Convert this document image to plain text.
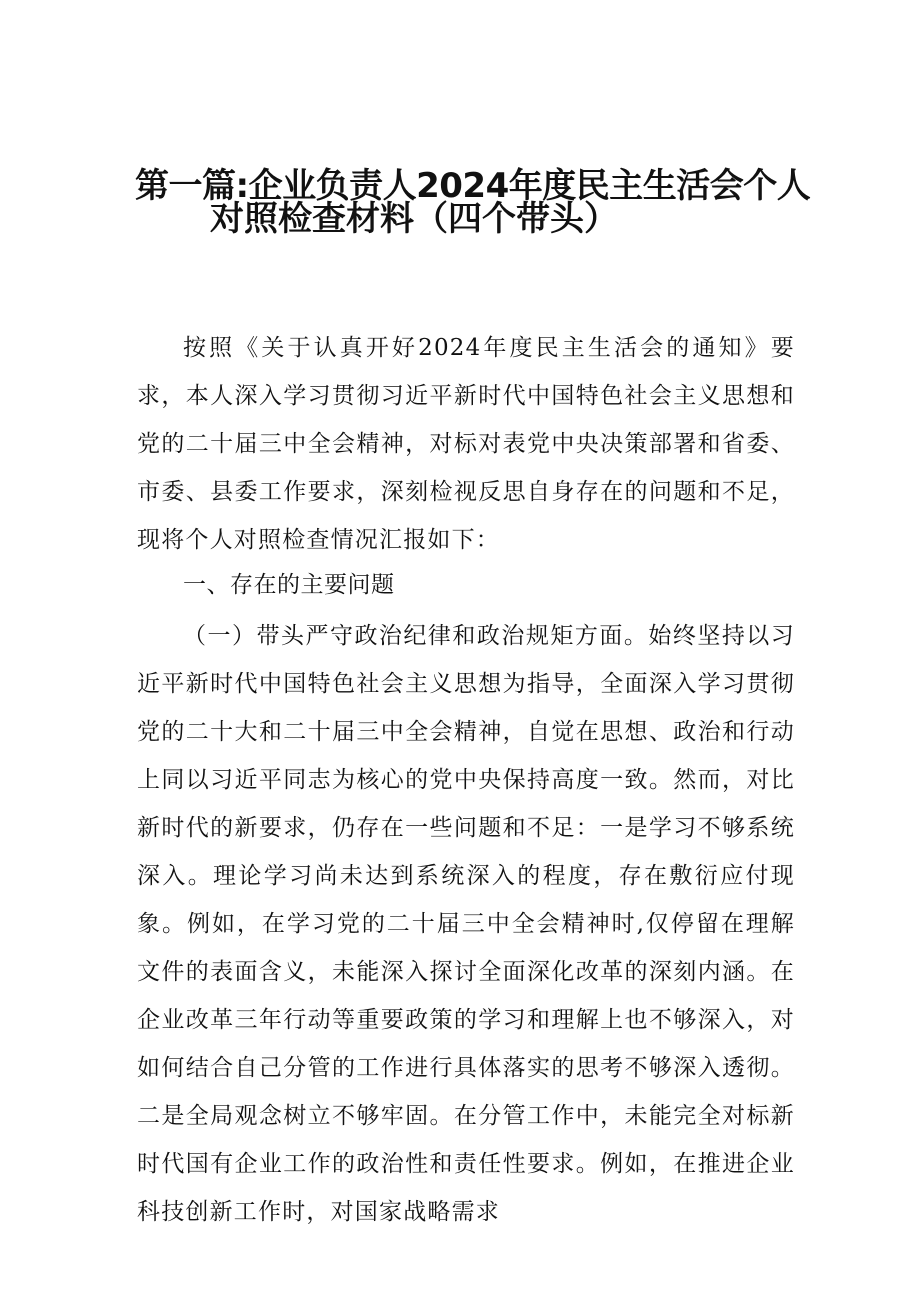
第一篇:企业负责人2024年度民主生活会个人
对照检查材料（四个带头）

按照《关于认真开好2024年度民主生活会的通知》要求，本人深入学习贯彻习近平新时代中国特色社会主义思想和党的二十届三中全会精神，对标对表党中央决策部署和省委、市委、县委工作要求，深刻检视反思自身存在的问题和不足，现将个人对照检查情况汇报如下：

一、存在的主要问题

（一）带头严守政治纪律和政治规矩方面。始终坚持以习近平新时代中国特色社会主义思想为指导，全面深入学习贯彻党的二十大和二十届三中全会精神，自觉在思想、政治和行动上同以习近平同志为核心的党中央保持高度一致。然而，对比新时代的新要求，仍存在一些问题和不足：一是学习不够系统深入。理论学习尚未达到系统深入的程度，存在敷衍应付现象。例如，在学习党的二十届三中全会精神时,仅停留在理解文件的表面含义，未能深入探讨全面深化改革的深刻内涵。在企业改革三年行动等重要政策的学习和理解上也不够深入，对如何结合自己分管的工作进行具体落实的思考不够深入透彻。二是全局观念树立不够牢固。在分管工作中，未能完全对标新时代国有企业工作的政治性和责任性要求。例如，在推进企业科技创新工作时，对国家战略需求
